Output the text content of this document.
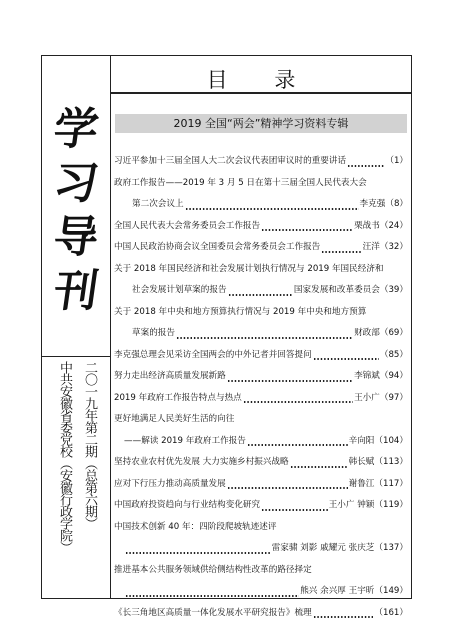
学
习
导
刊
中共安徽省委党校（安徽行政学院） 二〇一九年第二期（总第六期）
目 录
2019 全国“两会”精神学习资料专辑
习近平参加十三届全国人大二次会议代表团审议时的重要讲话	（1）
政府工作报告——2019 年 3 月 5 日在第十三届全国人民代表大会
第二次会议上	李克强 （8）
全国人民代表大会常务委员会工作报告	栗战书 （24）
中国人民政治协商会议全国委员会常务委员会工作报告	汪洋 （32）
关于 2018 年国民经济和社会发展计划执行情况与 2019 年国民经济和
社会发展计划草案的报告	国家发展和改革委员会 （39）
关于 2018 年中央和地方预算执行情况与 2019 年中央和地方预算
草案的报告	财政部 （69）
李克强总理会见采访全国两会的中外记者并回答提问	（85）
努力走出经济高质量发展新路	李锦斌 （94）
2019 年政府工作报告特点与热点	王小广 （97）
更好地满足人民美好生活的向往
——解读 2019 年政府工作报告	辛向阳 （104）
坚持农业农村优先发展 大力实施乡村振兴战略	韩长赋 （113）
应对下行压力推动高质量发展	谢鲁江 （117）
中国政府投资趋向与行业结构变化研究	王小广 钟颖 （119）
中国技术创新 40 年：四阶段爬坡轨迹述评
雷家骕 刘影 戚耀元 张庆芝 （137）
推进基本公共服务领域供给侧结构性改革的路径择定
熊兴 余兴厚 王宇昕 （149）
《长三角地区高质量一体化发展水平研究报告》梳理	（161）
